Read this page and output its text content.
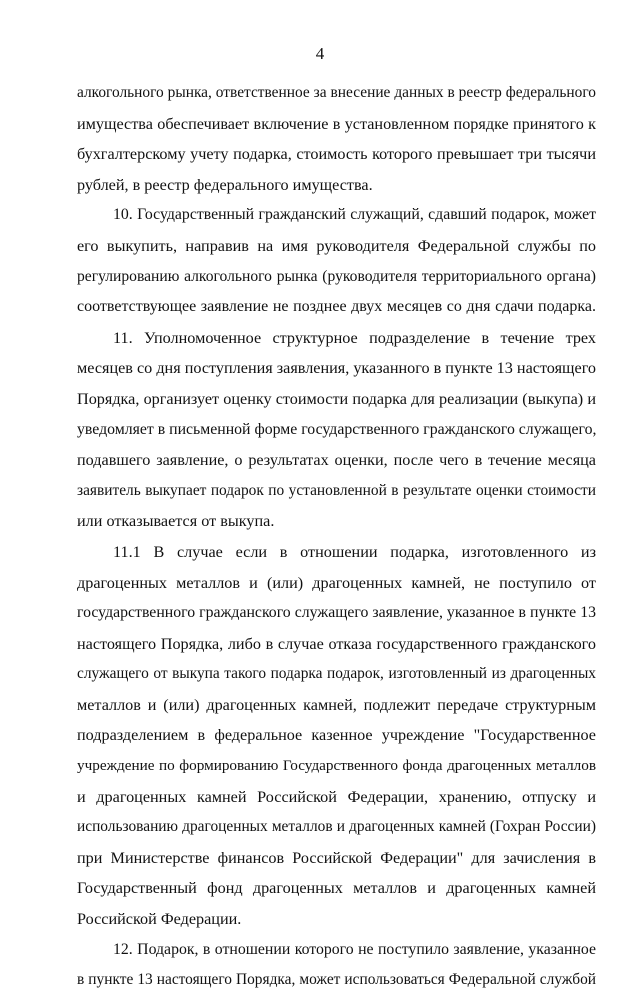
4
алкогольного рынка, ответственное за внесение данных в реестр федерального
имущества обеспечивает включение в установленном порядке принятого к
бухгалтерскому учету подарка, стоимость которого превышает три тысячи
рублей, в реестр федерального имущества.
10. Государственный гражданский служащий, сдавший подарок, может
его выкупить, направив на имя руководителя Федеральной службы по
регулированию алкогольного рынка (руководителя территориального органа)
соответствующее заявление не позднее двух месяцев со дня сдачи подарка.
11. Уполномоченное структурное подразделение в течение трех
месяцев со дня поступления заявления, указанного в пункте 13 настоящего
Порядка, организует оценку стоимости подарка для реализации (выкупа) и
уведомляет в письменной форме государственного гражданского служащего,
подавшего заявление, о результатах оценки, после чего в течение месяца
заявитель выкупает подарок по установленной в результате оценки стоимости
или отказывается от выкупа.
11.1 В случае если в отношении подарка, изготовленного из
драгоценных металлов и (или) драгоценных камней, не поступило от
государственного гражданского служащего заявление, указанное в пункте 13
настоящего Порядка, либо в случае отказа государственного гражданского
служащего от выкупа такого подарка подарок, изготовленный из драгоценных
металлов и (или) драгоценных камней, подлежит передаче структурным
подразделением в федеральное казенное учреждение "Государственное
учреждение по формированию Государственного фонда драгоценных металлов
и драгоценных камней Российской Федерации, хранению, отпуску и
использованию драгоценных металлов и драгоценных камней (Гохран России)
при Министерстве финансов Российской Федерации" для зачисления в
Государственный фонд драгоценных металлов и драгоценных камней
Российской Федерации.
12. Подарок, в отношении которого не поступило заявление, указанное
в пункте 13 настоящего Порядка, может использоваться Федеральной службой
